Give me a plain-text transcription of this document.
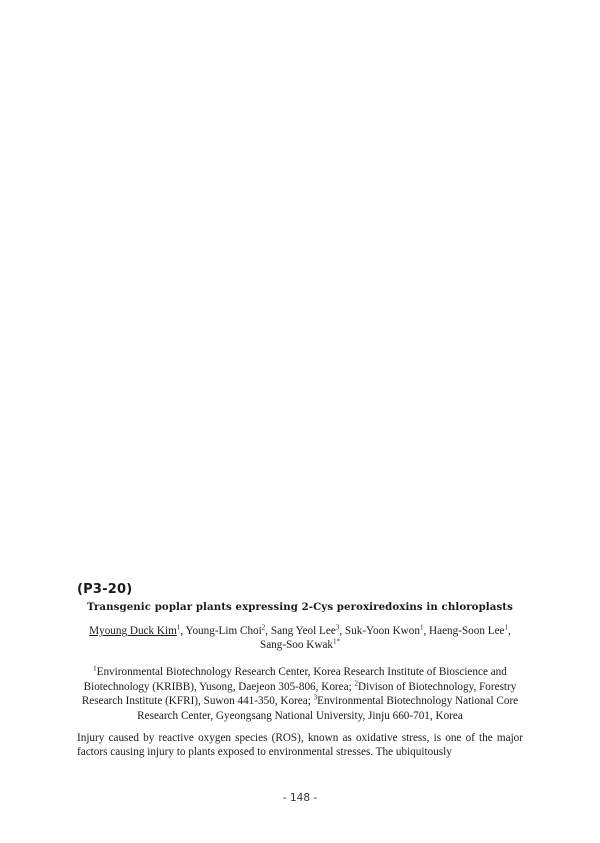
(P3-20)
Transgenic poplar plants expressing 2-Cys peroxiredoxins in chloroplasts
Myoung Duck Kim$^1$, Young-Lim Choi$^2$, Sang Yeol Lee$^3$, Suk-Yoon Kwon$^1$, Haeng-Soon Lee$^1$,
Sang-Soo Kwak$^{1*}$
$^1$Environmental Biotechnology Research Center, Korea Research Institute of Bioscience and Biotechnology (KRIBB), Yusong, Daejeon 305-806, Korea; $^2$Divison of Biotechnology, Forestry Research Institute (KFRI), Suwon 441-350, Korea; $^3$Environmental Biotechnology National Core Research Center, Gyeongsang National University, Jinju 660-701, Korea
Injury caused by reactive oxygen species (ROS), known as oxidative stress, is one of the major factors causing injury to plants exposed to environmental stresses. The ubiquitously
- 148 -
